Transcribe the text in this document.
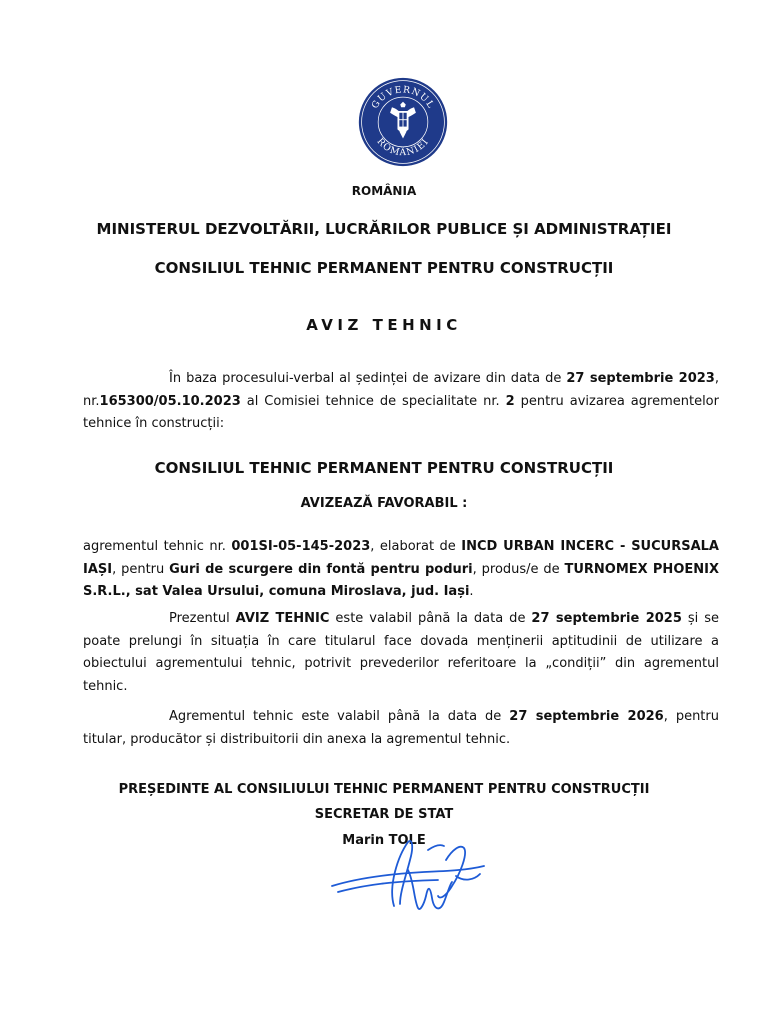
GUVERNUL
ROMÂNIEI
ROMÂNIA
MINISTERUL DEZVOLTĂRII, LUCRĂRILOR PUBLICE ȘI ADMINISTRAȚIEI
CONSILIUL TEHNIC PERMANENT PENTRU CONSTRUCȚII
AVIZ TEHNIC
În baza procesului-verbal al ședinței de avizare din data de 27 septembrie 2023, nr.165300/05.10.2023 al Comisiei tehnice de specialitate nr. 2 pentru avizarea agrementelor tehnice în construcții:
CONSILIUL TEHNIC PERMANENT PENTRU CONSTRUCȚII
AVIZEAZĂ FAVORABIL :
agrementul tehnic nr. 001SI-05-145-2023, elaborat de INCD URBAN INCERC - SUCURSALA IAȘI, pentru Guri de scurgere din fontă pentru poduri, produs/e de TURNOMEX PHOENIX S.R.L., sat Valea Ursului, comuna Miroslava, jud. Iași.
Prezentul AVIZ TEHNIC este valabil până la data de 27 septembrie 2025 și se poate prelungi în situația în care titularul face dovada menținerii aptitudinii de utilizare a obiectului agrementului tehnic, potrivit prevederilor referitoare la „condiții” din agrementul tehnic.
Agrementul tehnic este valabil până la data de 27 septembrie 2026, pentru titular, producător și distribuitorii din anexa la agrementul tehnic.
PREȘEDINTE AL CONSILIULUI TEHNIC PERMANENT PENTRU CONSTRUCȚII
SECRETAR DE STAT
Marin TOLE
